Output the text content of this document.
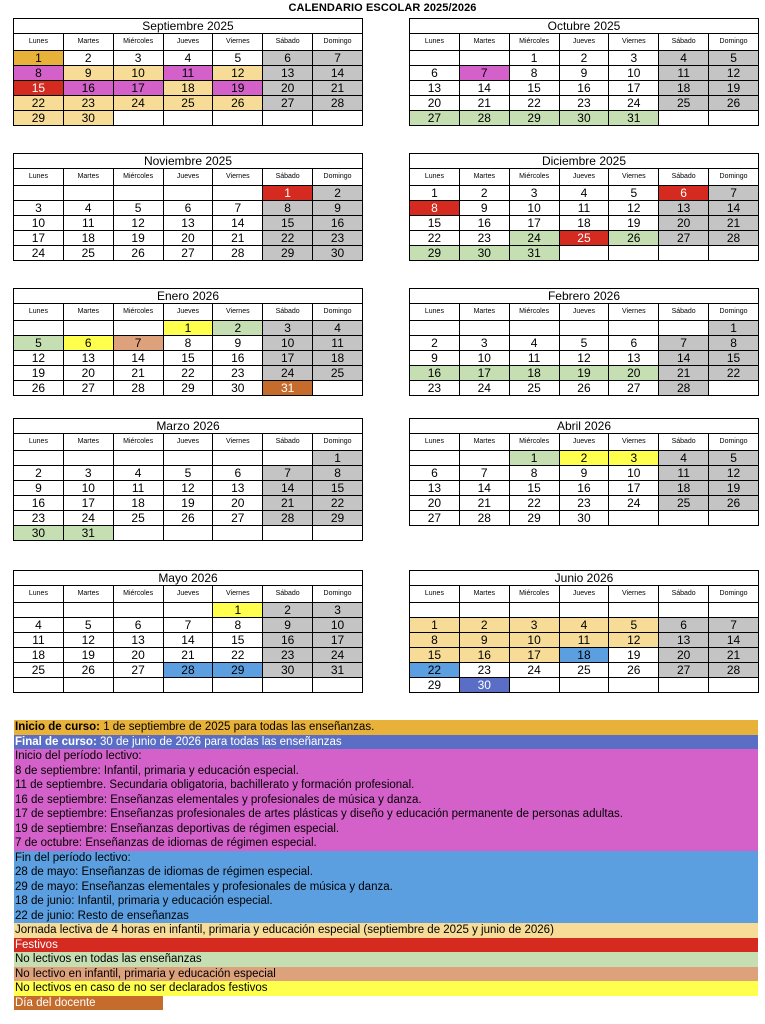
CALENDARIO ESCOLAR 2025/2026
Septiembre 2025						
Lunes	Martes	Miércoles	Jueves	Viernes	Sábado	Domingo
1	2	3	4	5	6	7
8	9	10	11	12	13	14
15	16	17	18	19	20	21
22	23	24	25	26	27	28
29	30					
Octubre 2025						
Lunes	Martes	Miércoles	Jueves	Viernes	Sábado	Domingo
		1	2	3	4	5
6	7	8	9	10	11	12
13	14	15	16	17	18	19
20	21	22	23	24	25	26
27	28	29	30	31		
Noviembre 2025						
Lunes	Martes	Miércoles	Jueves	Viernes	Sábado	Domingo
					1	2
3	4	5	6	7	8	9
10	11	12	13	14	15	16
17	18	19	20	21	22	23
24	25	26	27	28	29	30
Diciembre 2025						
Lunes	Martes	Miércoles	Jueves	Viernes	Sábado	Domingo
1	2	3	4	5	6	7
8	9	10	11	12	13	14
15	16	17	18	19	20	21
22	23	24	25	26	27	28
29	30	31				
Enero 2026						
Lunes	Martes	Miércoles	Jueves	Viernes	Sábado	Domingo
			1	2	3	4
5	6	7	8	9	10	11
12	13	14	15	16	17	18
19	20	21	22	23	24	25
26	27	28	29	30	31	
Febrero 2026						
Lunes	Martes	Miércoles	Jueves	Viernes	Sábado	Domingo
						1
2	3	4	5	6	7	8
9	10	11	12	13	14	15
16	17	18	19	20	21	22
23	24	25	26	27	28	
Marzo 2026						
Lunes	Martes	Miércoles	Jueves	Viernes	Sábado	Domingo
						1
2	3	4	5	6	7	8
9	10	11	12	13	14	15
16	17	18	19	20	21	22
23	24	25	26	27	28	29
30	31					
Abril 2026						
Lunes	Martes	Miércoles	Jueves	Viernes	Sábado	Domingo
		1	2	3	4	5
6	7	8	9	10	11	12
13	14	15	16	17	18	19
20	21	22	23	24	25	26
27	28	29	30			
Mayo 2026						
Lunes	Martes	Miércoles	Jueves	Viernes	Sábado	Domingo
				1	2	3
4	5	6	7	8	9	10
11	12	13	14	15	16	17
18	19	20	21	22	23	24
25	26	27	28	29	30	31

Junio 2026						
Lunes	Martes	Miércoles	Jueves	Viernes	Sábado	Domingo

1	2	3	4	5	6	7
8	9	10	11	12	13	14
15	16	17	18	19	20	21
22	23	24	25	26	27	28
29	30					
Inicio de curso: 1 de septiembre de 2025 para todas las enseñanzas.
Final de curso: 30 de junio de 2026 para todas las enseñanzas
Inicio del período lectivo:
8 de septiembre: Infantil, primaria y educación especial.
11 de septiembre. Secundaria obligatoria, bachillerato y formación profesional.
16 de septiembre: Enseñanzas elementales y profesionales de música y danza.
17 de septiembre: Enseñanzas profesionales de artes plásticas y diseño y educación permanente de personas adultas.
19 de septiembre: Enseñanzas deportivas de régimen especial.
7 de octubre: Enseñanzas de idiomas de régimen especial.
Fin del período lectivo:
28 de mayo: Enseñanzas de idiomas de régimen especial.
29 de mayo: Enseñanzas elementales y profesionales de música y danza.
18 de junio: Infantil, primaria y educación especial.
22 de junio: Resto de enseñanzas
Jornada lectiva de 4 horas en infantil, primaria y educación especial (septiembre de 2025 y junio de 2026)
Festivos
No lectivos en todas las enseñanzas
No lectivo en infantil, primaria y educación especial
No lectivos en caso de no ser declarados festivos
Día del docente
